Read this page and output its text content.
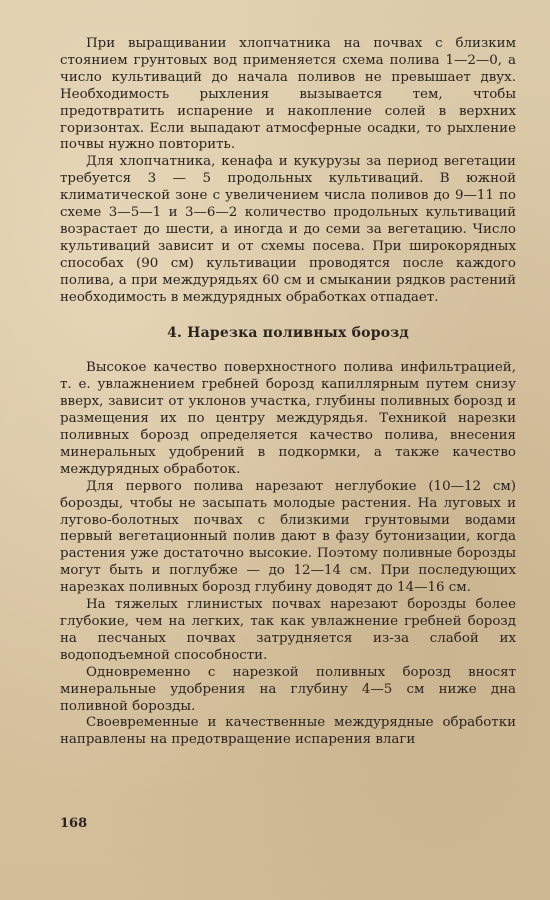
При выращивании хлопчатника на почвах с близким стоянием грунтовых вод применяется схема полива 1—2—0, а число культиваций до начала поливов не превышает двух. Необходимость рыхления вызывается тем, чтобы предотвратить испарение и накопление солей в верхних горизонтах. Если выпадают атмосферные осадки, то рыхление почвы нужно повторить.

Для хлопчатника, кенафа и кукурузы за период вегетации требуется 3 — 5 продольных культиваций. В южной климатической зоне с увеличением числа поливов до 9—11 по схеме 3—5—1 и 3—6—2 количество продольных культиваций возрастает до шести, а иногда и до семи за вегетацию. Число культиваций зависит и от схемы посева. При широкорядных способах (90 см) культивации проводятся после каждого полива, а при междурядьях 60 см и смыкании рядков растений необходимость в междурядных обработках отпадает.

4. Нарезка поливных борозд

Высокое качество поверхностного полива инфильтрацией, т. е. увлажнением гребней борозд капиллярным путем снизу вверх, зависит от уклонов участка, глубины поливных борозд и размещения их по центру междурядья. Техникой нарезки поливных борозд определяется качество полива, внесения минеральных удобрений в подкормки, а также качество междурядных обработок.

Для первого полива нарезают неглубокие (10—12 см) борозды, чтобы не засыпать молодые растения. На луговых и лугово-болотных почвах с близкими грунтовыми водами первый вегетационный полив дают в фазу бутонизации, когда растения уже достаточно высокие. Поэтому поливные борозды могут быть и поглубже — до 12—14 см. При последующих нарезках поливных борозд глубину доводят до 14—16 см.

На тяжелых глинистых почвах нарезают борозды более глубокие, чем на легких, так как увлажнение гребней борозд на песчаных почвах затрудняется из-за слабой их водоподъемной способности.

Одновременно с нарезкой поливных борозд вносят минеральные удобрения на глубину 4—5 см ниже дна поливной борозды.

Своевременные и качественные междурядные обработки направлены на предотвращение испарения влаги

168
